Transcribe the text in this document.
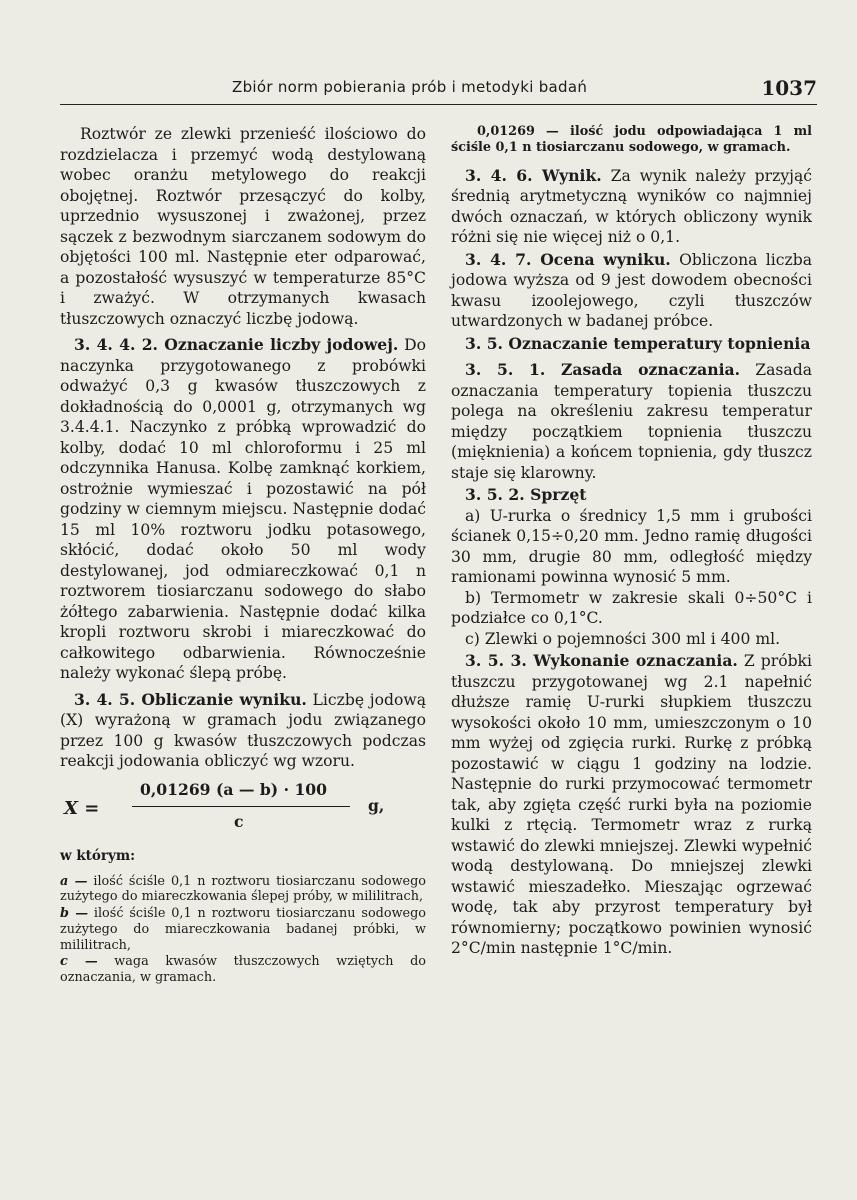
Zbiór norm pobierania prób i metodyki badań	1037

Roztwór ze zlewki przenieść ilościowo do rozdzielacza i przemyć wodą destylowaną wobec oranżu metylowego do reakcji obojętnej. Roztwór przesączyć do kolby, uprzednio wysuszonej i zważonej, przez sączek z bezwodnym siarczanem sodowym do objętości 100 ml. Następnie eter odparować, a pozostałość wysuszyć w temperaturze 85°C i zważyć. W otrzymanych kwasach tłuszczowych oznaczyć liczbę jodową.

3. 4. 4. 2. Oznaczanie liczby jodowej. Do naczynka przygotowanego z probówki odważyć 0,3 g kwasów tłuszczowych z dokładnością do 0,0001 g, otrzymanych wg 3.4.4.1. Naczynko z próbką wprowadzić do kolby, dodać 10 ml chloroformu i 25 ml odczynnika Hanusa. Kolbę zamknąć korkiem, ostrożnie wymieszać i pozostawić na pół godziny w ciemnym miejscu. Następnie dodać 15 ml 10% roztworu jodku potasowego, skłócić, dodać około 50 ml wody destylowanej, jod odmiareczkować 0,1 n roztworem tiosiarczanu sodowego do słabo żółtego zabarwienia. Następnie dodać kilka kropli roztworu skrobi i miareczkować do całkowitego odbarwienia. Równocześnie należy wykonać ślepą próbę.

3. 4. 5. Obliczanie wyniku. Liczbę jodową (X) wyrażoną w gramach jodu związanego przez 100 g kwasów tłuszczowych podczas reakcji jodowania obliczyć wg wzoru.

X =
0,01269 (a — b) · 100
c
g,

w którym:

a — ilość ściśle 0,1 n roztworu tiosiarczanu sodowego zużytego do miareczkowania ślepej próby, w mililitrach,

b — ilość ściśle 0,1 n roztworu tiosiarczanu sodowego zużytego do miareczkowania badanej próbki, w mililitrach,

c — waga kwasów tłuszczowych wziętych do oznaczania, w gramach.

0,01269 — ilość jodu odpowiadająca 1 ml ściśle 0,1 n tiosiarczanu sodowego, w gramach.

3. 4. 6. Wynik. Za wynik należy przyjąć średnią arytmetyczną wyników co najmniej dwóch oznaczań, w których obliczony wynik różni się nie więcej niż o 0,1.

3. 4. 7. Ocena wyniku. Obliczona liczba jodowa wyższa od 9 jest dowodem obecności kwasu izoolejowego, czyli tłuszczów utwardzonych w badanej próbce.

3. 5. Oznaczanie temperatury topnienia

3. 5. 1. Zasada oznaczania. Zasada oznaczania temperatury topienia tłuszczu polega na określeniu zakresu temperatur między początkiem topnienia tłuszczu (mięknienia) a końcem topnienia, gdy tłuszcz staje się klarowny.

3. 5. 2. Sprzęt

a) U-rurka o średnicy 1,5 mm i grubości ścianek 0,15÷0,20 mm. Jedno ramię długości 30 mm, drugie 80 mm, odległość między ramionami powinna wynosić 5 mm.

b) Termometr w zakresie skali 0÷50°C i podziałce co 0,1°C.

c) Zlewki o pojemności 300 ml i 400 ml.

3. 5. 3. Wykonanie oznaczania. Z próbki tłuszczu przygotowanej wg 2.1 napełnić dłuższe ramię U-rurki słupkiem tłuszczu wysokości około 10 mm, umieszczonym o 10 mm wyżej od zgięcia rurki. Rurkę z próbką pozostawić w ciągu 1 godziny na lodzie. Następnie do rurki przymocować termometr tak, aby zgięta część rurki była na poziomie kulki z rtęcią. Termometr wraz z rurką wstawić do zlewki mniejszej. Zlewki wypełnić wodą destylowaną. Do mniejszej zlewki wstawić mieszadełko. Mieszając ogrzewać wodę, tak aby przyrost temperatury był równomierny; początkowo powinien wynosić 2°C/min następnie 1°C/min.
